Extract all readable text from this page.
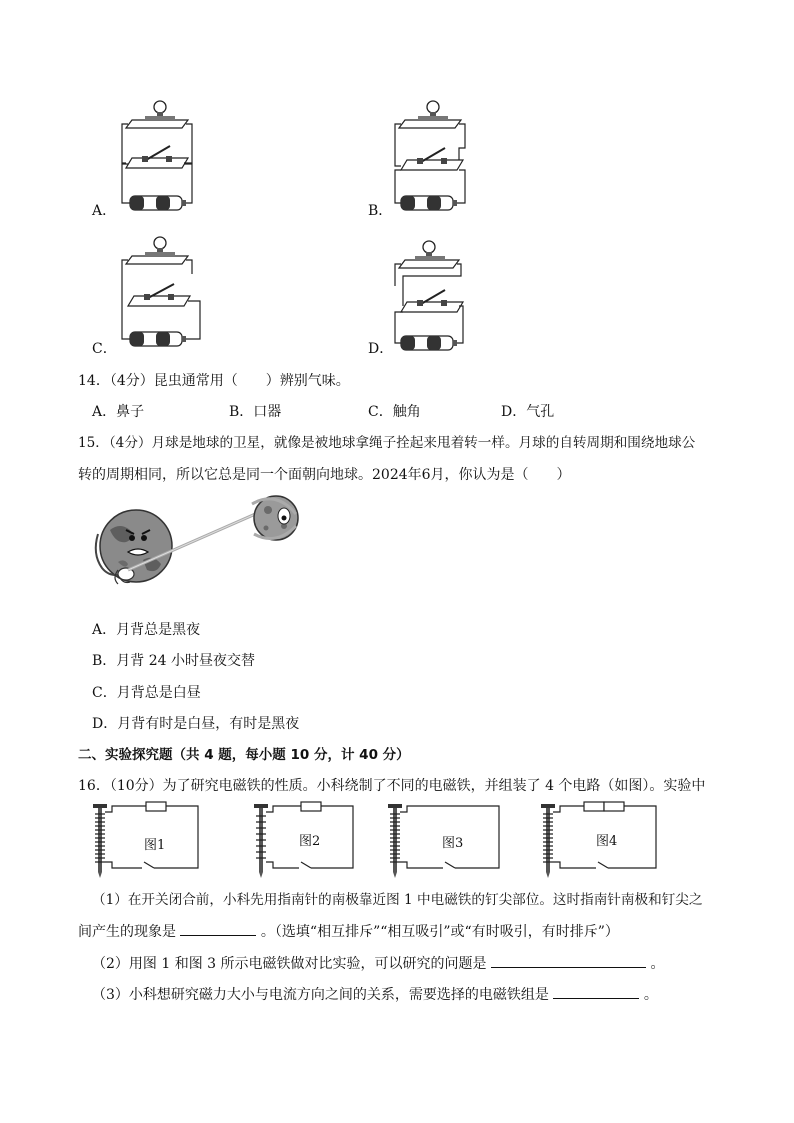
A．	B．
C．	D．
14．（4分）昆虫通常用（　　）辨别气味。
A．鼻子	B．口器	C．触角	D．气孔
15．（4分）月球是地球的卫星，就像是被地球拿绳子拴起来甩着转一样。月球的自转周期和围绕地球公
转的周期相同，所以它总是同一个面朝向地球。2024年6月，你认为是（　　）
A．月背总是黑夜
B．月背 24 小时昼夜交替
C．月背总是白昼
D．月背有时是白昼，有时是黑夜
二、实验探究题（共 4 题，每小题 10 分，计 40 分）
16．（10分）为了研究电磁铁的性质。小科绕制了不同的电磁铁，并组装了 4 个电路（如图）。实验中
图1	图2	图3	图4
（1）在开关闭合前，小科先用指南针的南极靠近图 1 中电磁铁的钉尖部位。这时指南针南极和钉尖之
间产生的现象是	。（选填“相互排斥”“相互吸引”或“有时吸引，有时排斥”）
（2）用图 1 和图 3 所示电磁铁做对比实验，可以研究的问题是	。
（3）小科想研究磁力大小与电流方向之间的关系，需要选择的电磁铁组是	。
